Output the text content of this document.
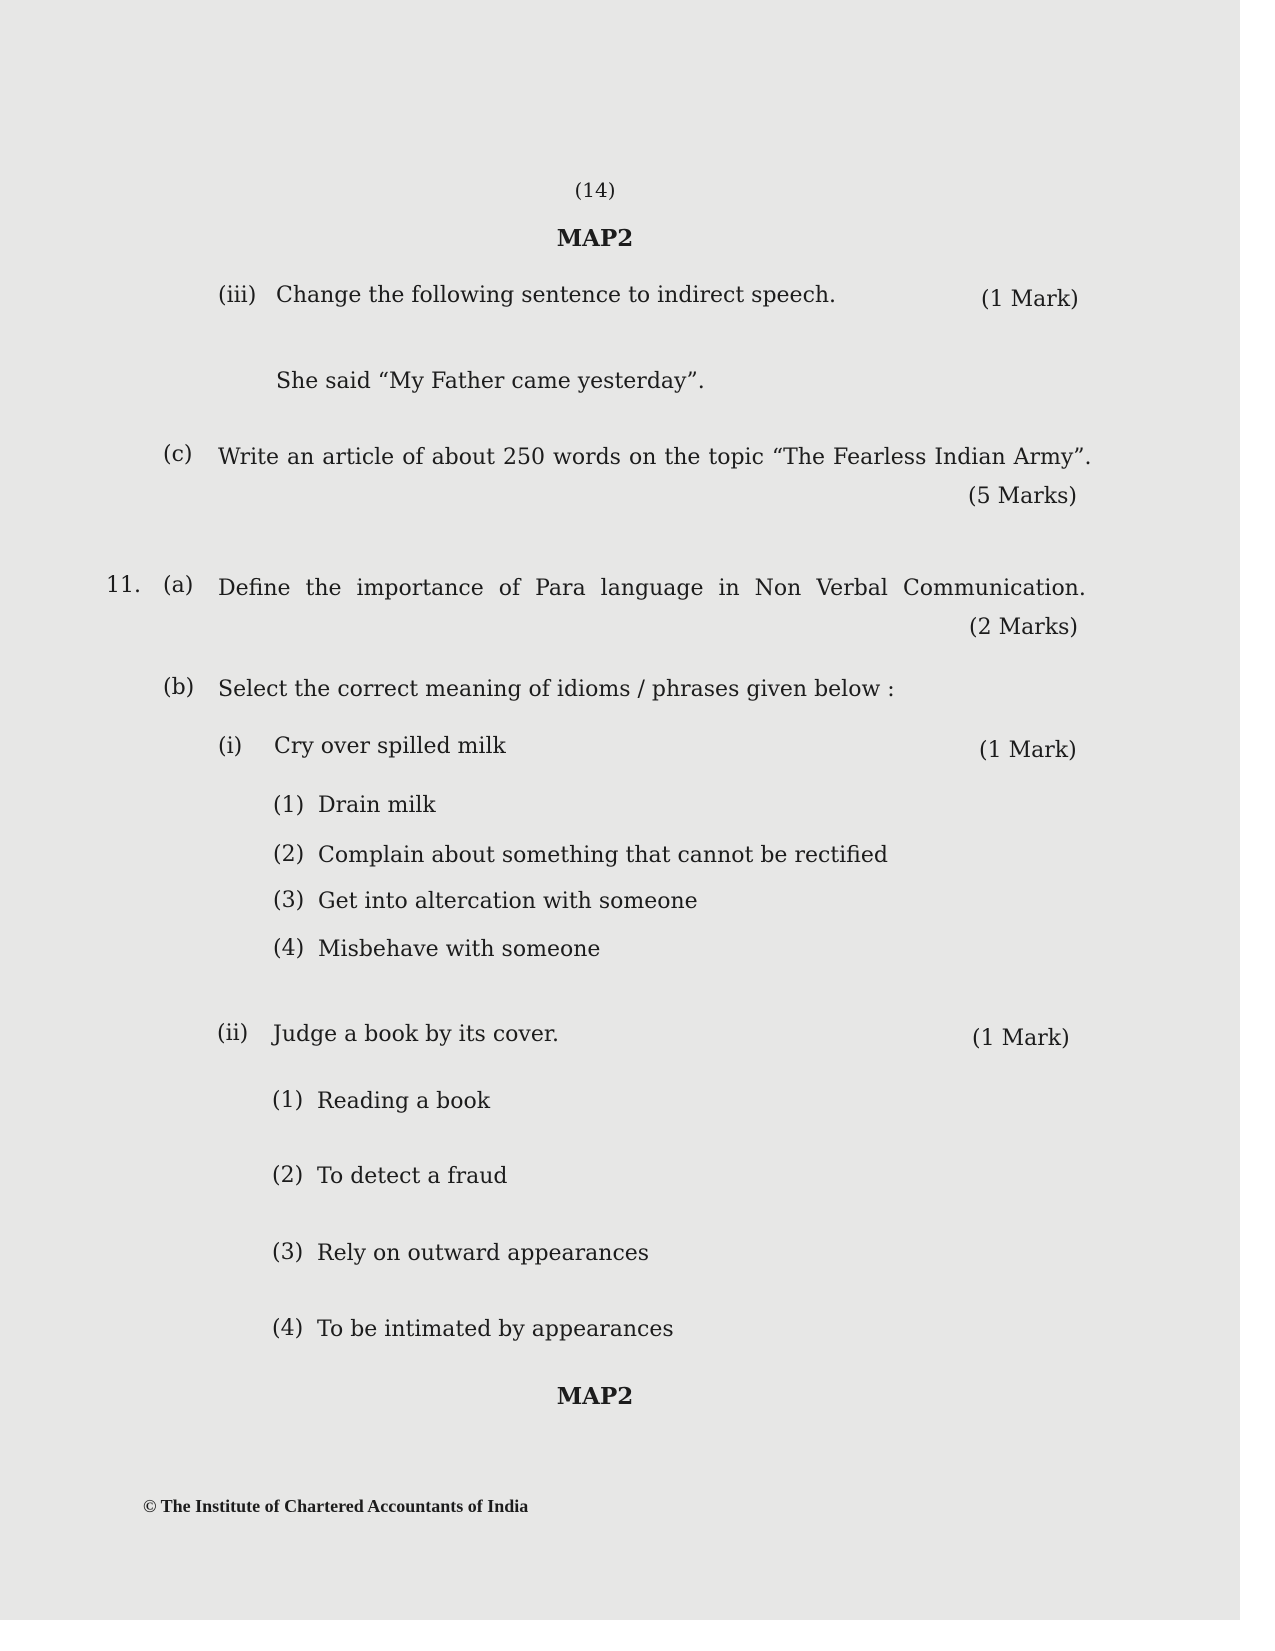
(14)
MAP2
(iii) Change the following sentence to indirect speech.	(1 Mark)
She said “My Father came yesterday”.
(c) Write an article of about 250 words on the topic “The Fearless Indian Army”.
(5 Marks)
11. (a) Define the importance of Para language in Non Verbal Communication.
(2 Marks)
(b) Select the correct meaning of idioms / phrases given below :
(i) Cry over spilled milk	(1 Mark)
(1) Drain milk
(2) Complain about something that cannot be rectified
(3) Get into altercation with someone
(4) Misbehave with someone
(ii) Judge a book by its cover.	(1 Mark)
(1) Reading a book
(2) To detect a fraud
(3) Rely on outward appearances
(4) To be intimated by appearances
MAP2
© The Institute of Chartered Accountants of India
